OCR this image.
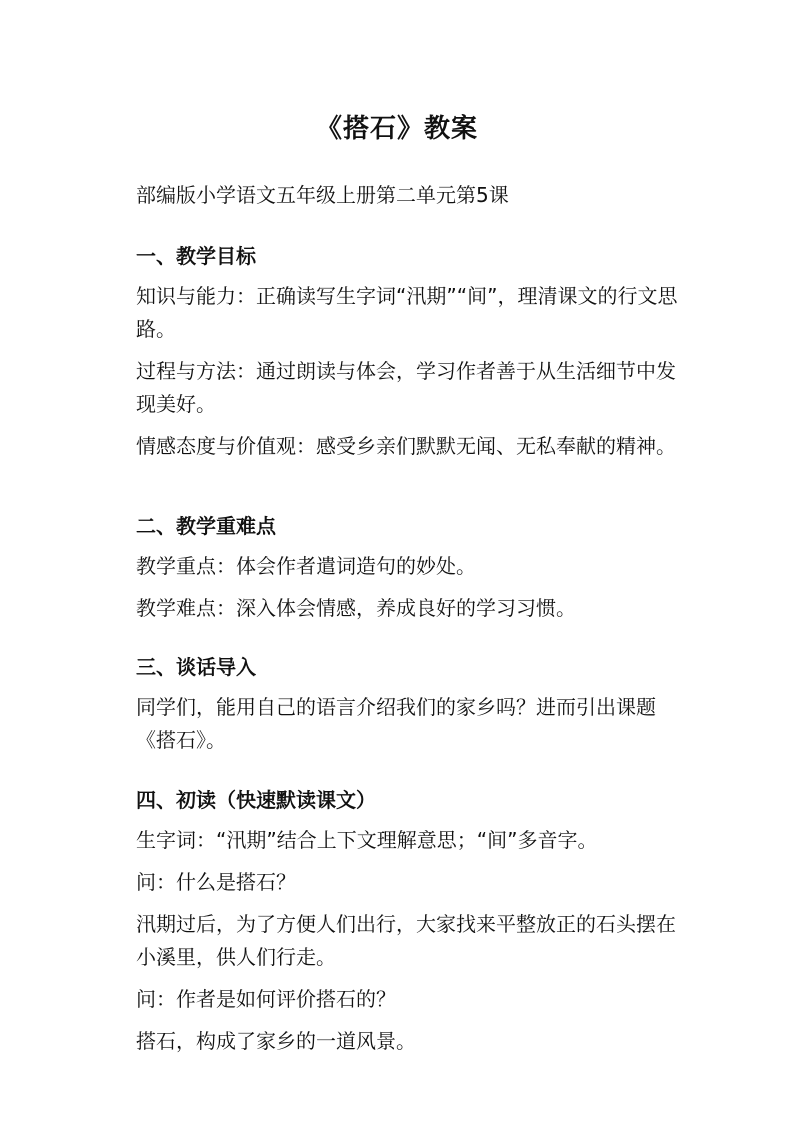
《搭石》教案
部编版小学语文五年级上册第二单元第5课
一、教学目标

知识与能力：正确读写生字词“汛期”“间”，理清课文的行文思路。

过程与方法：通过朗读与体会，学习作者善于从生活细节中发现美好。

情感态度与价值观：感受乡亲们默默无闻、无私奉献的精神。

二、教学重难点

教学重点：体会作者遣词造句的妙处。

教学难点：深入体会情感，养成良好的学习习惯。

三、谈话导入

同学们，能用自己的语言介绍我们的家乡吗？进而引出课题《搭石》。

四、初读（快速默读课文）

生字词：“汛期”结合上下文理解意思；“间”多音字。

问：什么是搭石？

汛期过后，为了方便人们出行，大家找来平整放正的石头摆在小溪里，供人们行走。

问：作者是如何评价搭石的？

搭石，构成了家乡的一道风景。
